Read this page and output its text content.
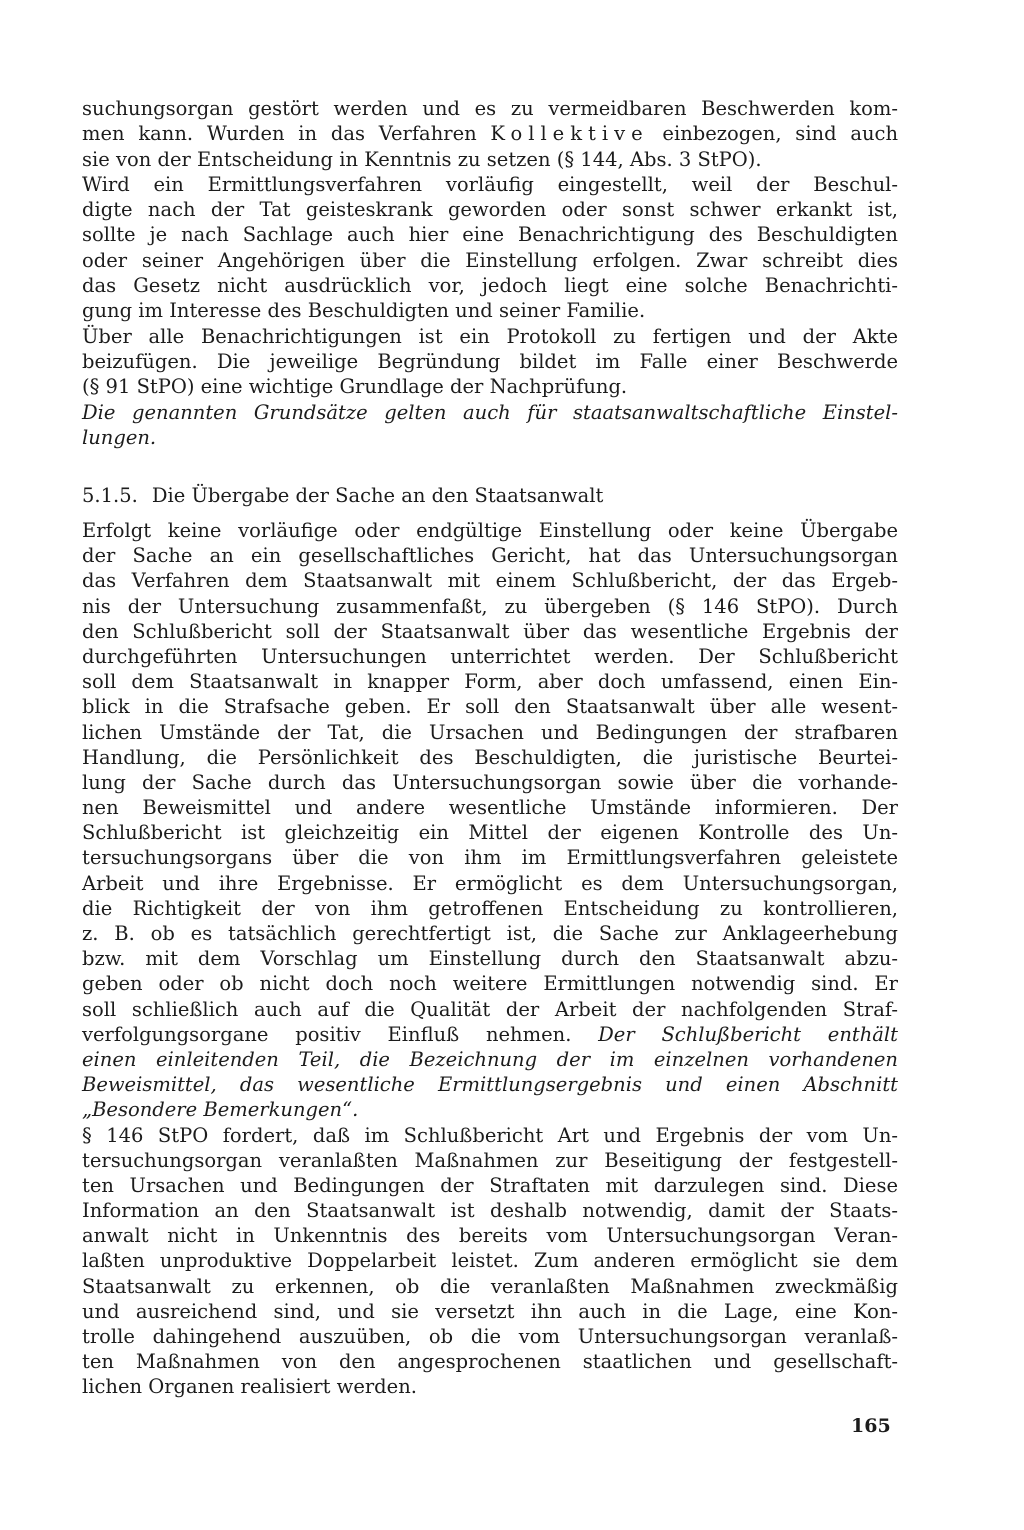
suchungsorgan gestört werden und es zu vermeidbaren Beschwerden kom-
men kann. Wurden in das Verfahren Kollektive einbezogen, sind auch
sie von der Entscheidung in Kenntnis zu setzen (§ 144, Abs. 3 StPO).
Wird ein Ermittlungsverfahren vorläufig eingestellt, weil der Beschul-
digte nach der Tat geisteskrank geworden oder sonst schwer erkankt ist,
sollte je nach Sachlage auch hier eine Benachrichtigung des Beschuldigten
oder seiner Angehörigen über die Einstellung erfolgen. Zwar schreibt dies
das Gesetz nicht ausdrücklich vor, jedoch liegt eine solche Benachrichti-
gung im Interesse des Beschuldigten und seiner Familie.
Über alle Benachrichtigungen ist ein Protokoll zu fertigen und der Akte
beizufügen. Die jeweilige Begründung bildet im Falle einer Beschwerde
(§ 91 StPO) eine wichtige Grundlage der Nachprüfung.
Die genannten Grundsätze gelten auch für staatsanwaltschaftliche Einstel-
lungen.
5.1.5. Die Übergabe der Sache an den Staatsanwalt
Erfolgt keine vorläufige oder endgültige Einstellung oder keine Übergabe
der Sache an ein gesellschaftliches Gericht, hat das Untersuchungsorgan
das Verfahren dem Staatsanwalt mit einem Schlußbericht, der das Ergeb-
nis der Untersuchung zusammenfaßt, zu übergeben (§ 146 StPO). Durch
den Schlußbericht soll der Staatsanwalt über das wesentliche Ergebnis der
durchgeführten Untersuchungen unterrichtet werden. Der Schlußbericht
soll dem Staatsanwalt in knapper Form, aber doch umfassend, einen Ein-
blick in die Strafsache geben. Er soll den Staatsanwalt über alle wesent-
lichen Umstände der Tat, die Ursachen und Bedingungen der strafbaren
Handlung, die Persönlichkeit des Beschuldigten, die juristische Beurtei-
lung der Sache durch das Untersuchungsorgan sowie über die vorhande-
nen Beweismittel und andere wesentliche Umstände informieren. Der
Schlußbericht ist gleichzeitig ein Mittel der eigenen Kontrolle des Un-
tersuchungsorgans über die von ihm im Ermittlungsverfahren geleistete
Arbeit und ihre Ergebnisse. Er ermöglicht es dem Untersuchungsorgan,
die Richtigkeit der von ihm getroffenen Entscheidung zu kontrollieren,
z. B. ob es tatsächlich gerechtfertigt ist, die Sache zur Anklageerhebung
bzw. mit dem Vorschlag um Einstellung durch den Staatsanwalt abzu-
geben oder ob nicht doch noch weitere Ermittlungen notwendig sind. Er
soll schließlich auch auf die Qualität der Arbeit der nachfolgenden Straf-
verfolgungsorgane positiv Einfluß nehmen. Der Schlußbericht enthält
einen einleitenden Teil, die Bezeichnung der im einzelnen vorhandenen
Beweismittel, das wesentliche Ermittlungsergebnis und einen Abschnitt
„Besondere Bemerkungen“.
§ 146 StPO fordert, daß im Schlußbericht Art und Ergebnis der vom Un-
tersuchungsorgan veranlaßten Maßnahmen zur Beseitigung der festgestell-
ten Ursachen und Bedingungen der Straftaten mit darzulegen sind. Diese
Information an den Staatsanwalt ist deshalb notwendig, damit der Staats-
anwalt nicht in Unkenntnis des bereits vom Untersuchungsorgan Veran-
laßten unproduktive Doppelarbeit leistet. Zum anderen ermöglicht sie dem
Staatsanwalt zu erkennen, ob die veranlaßten Maßnahmen zweckmäßig
und ausreichend sind, und sie versetzt ihn auch in die Lage, eine Kon-
trolle dahingehend auszuüben, ob die vom Untersuchungsorgan veranlaß-
ten Maßnahmen von den angesprochenen staatlichen und gesellschaft-
lichen Organen realisiert werden.
165
